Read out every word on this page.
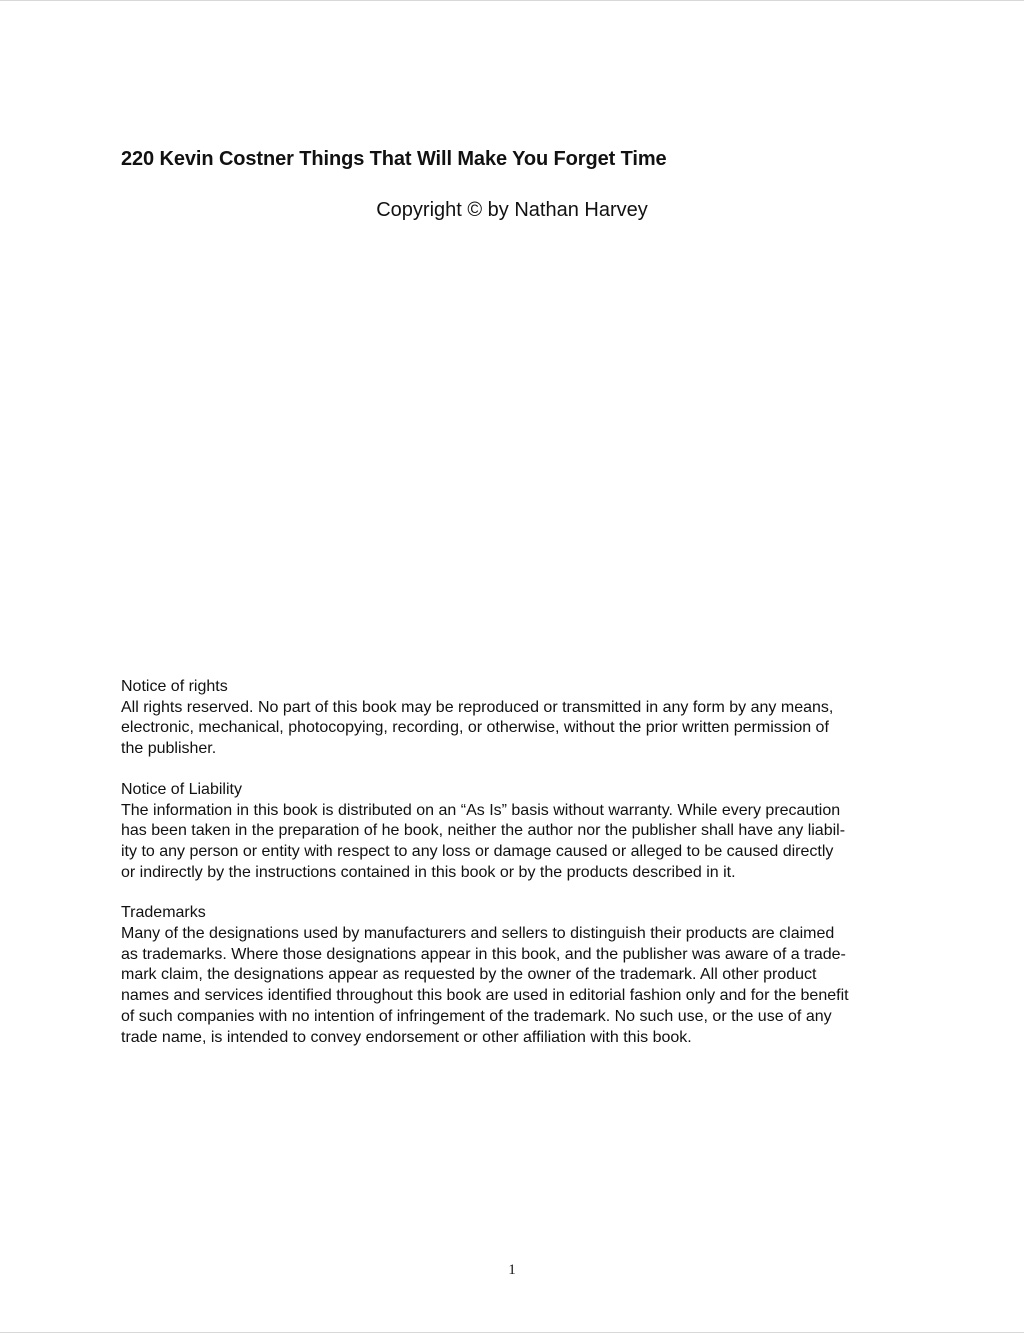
220 Kevin Costner Things That Will Make You Forget Time
Copyright © by Nathan Harvey
Notice of rights
All rights reserved. No part of this book may be reproduced or transmitted in any form by any means,
electronic, mechanical, photocopying, recording, or otherwise, without the prior written permission of
the publisher.
Notice of Liability
The information in this book is distributed on an “As Is” basis without warranty. While every precaution
has been taken in the preparation of he book, neither the author nor the publisher shall have any liabil-
ity to any person or entity with respect to any loss or damage caused or alleged to be caused directly
or indirectly by the instructions contained in this book or by the products described in it.
Trademarks
Many of the designations used by manufacturers and sellers to distinguish their products are claimed
as trademarks. Where those designations appear in this book, and the publisher was aware of a trade-
mark claim, the designations appear as requested by the owner of the trademark. All other product
names and services identified throughout this book are used in editorial fashion only and for the benefit
of such companies with no intention of infringement of the trademark. No such use, or the use of any
trade name, is intended to convey endorsement or other affiliation with this book.
1
